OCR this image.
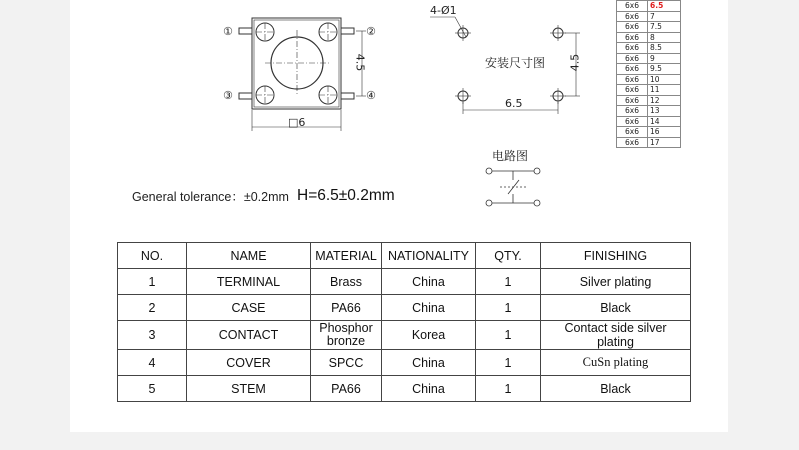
①	②
③	④
4.5
□6
4-Ø1
安装尺寸图 4.5
6.5
电路图
General tolerance：±0.2mm H=6.5±0.2mm
6x6	6.5
6x6	7
6x6	7.5
6x6	8
6x6	8.5
6x6	9
6x6	9.5
6x6	10
6x6	11
6x6	12
6x6	13
6x6	14
6x6	16
6x6	17
NO.	NAME	MATERIAL	NATIONALITY	QTY.	FINISHING
1	TERMINAL	Brass	China	1	Silver plating
2	CASE	PA66	China	1	Black
3	CONTACT	Phosphor bronze	Korea	1	Contact side silver plating
4	COVER	SPCC	China	1	CuSn plating
5	STEM	PA66	China	1	Black
